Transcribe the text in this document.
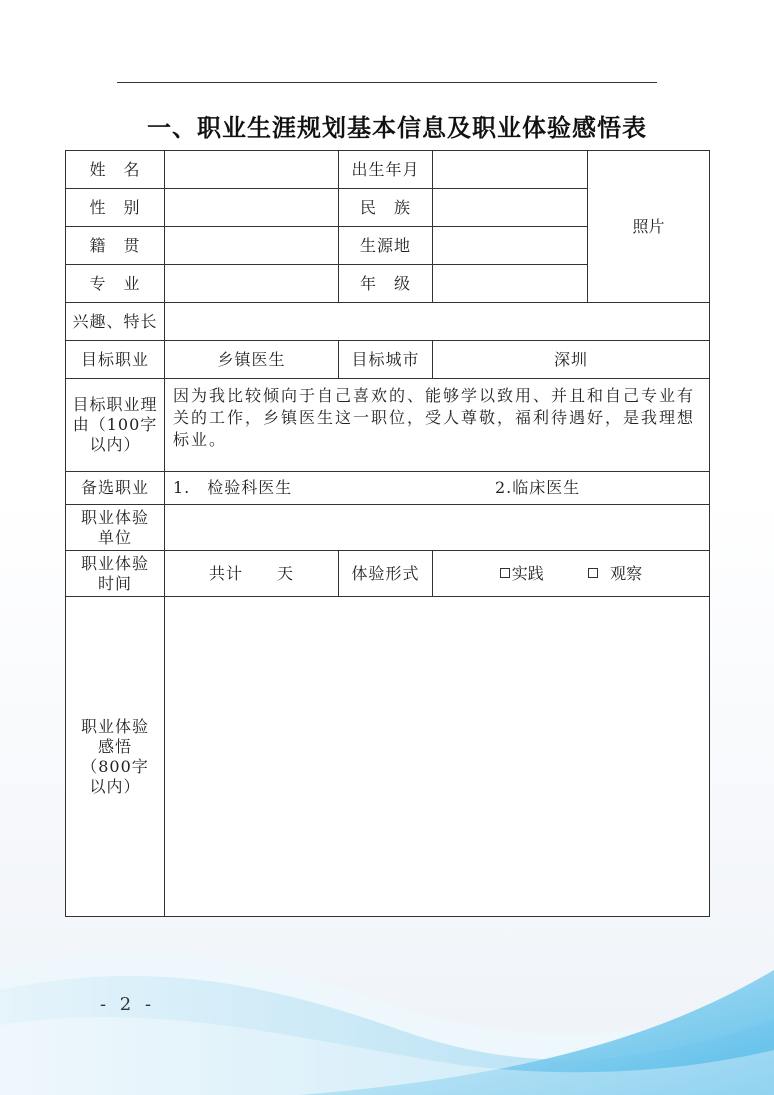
一、职业生涯规划基本信息及职业体验感悟表
姓　名		出生年月		照片
性　别		民　族		
籍　贯		生源地		
专　业		年　级		
兴趣、特长				
目标职业	乡镇医生	目标城市	深圳	
目标职业理由（100字以内）	因为我比较倾向于自己喜欢的、能够学以致用、并且和自己专业有关的工作，乡镇医生这一职位，受人尊敬，福利待遇好，是我理想标业。			
备选职业	1.　检验科医生 2.临床医生			

职业体验单位				
职业体验时间	共计　　天	体验形式	实践 观察	
职业体验感悟（800字以内）				
- 2 -
